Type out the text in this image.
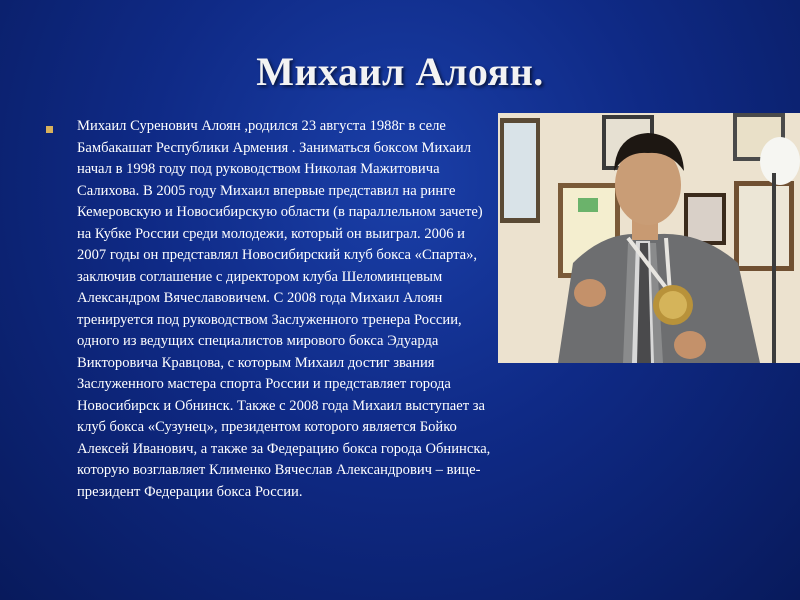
Михаил Алоян.
Михаил Суренович Алоян ,родился 23 августа 1988г в селе Бамбакашат Республики Армения . Заниматься боксом Михаил начал в 1998 году под руководством Николая Мажитовича Салихова. В 2005 году Михаил впервые представил на ринге Кемеровскую и Новосибирскую области (в параллельном зачете) на Кубке России среди молодежи, который он выиграл. 2006 и 2007 годы он представлял Новосибирский клуб бокса «Спарта», заключив соглашение с директором клуба Шеломинцевым Александром Вячеславовичем. С 2008 года Михаил Алоян тренируется под руководством Заслуженного тренера России, одного из ведущих специалистов мирового бокса Эдуарда Викторовича Кравцова, с которым Михаил достиг звания Заслуженного мастера спорта России и представляет города Новосибирск и Обнинск. Также с 2008 года Михаил выступает за клуб бокса «Сузунец», президентом которого является Бойко Алексей Иванович, а также за Федерацию бокса города Обнинска, которую возглавляет Клименко Вячеслав Александрович – вице-президент Федерации бокса России.
